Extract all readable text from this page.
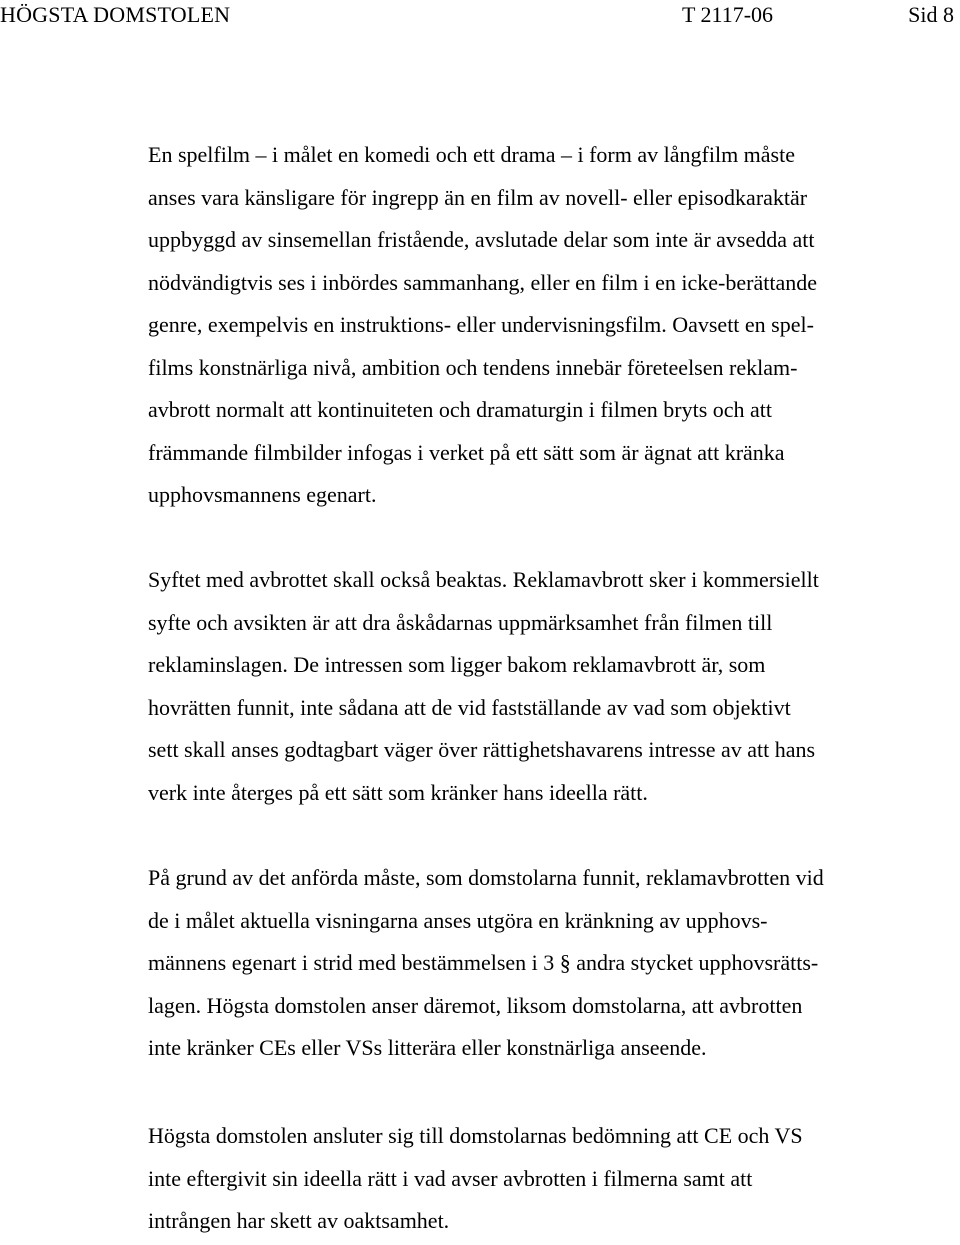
HÖGSTA DOMSTOLEN	T 2117-06	Sid 8

En spelfilm – i målet en komedi och ett drama – i form av långfilm måste
anses vara känsligare för ingrepp än en film av novell- eller episodkaraktär
uppbyggd av sinsemellan fristående, avslutade delar som inte är avsedda att
nödvändigtvis ses i inbördes sammanhang, eller en film i en icke-berättande
genre, exempelvis en instruktions- eller undervisningsfilm. Oavsett en spel-
films konstnärliga nivå, ambition och tendens innebär företeelsen reklam-
avbrott normalt att kontinuiteten och dramaturgin i filmen bryts och att
främmande filmbilder infogas i verket på ett sätt som är ägnat att kränka
upphovsmannens egenart.

Syftet med avbrottet skall också beaktas. Reklamavbrott sker i kommersiellt
syfte och avsikten är att dra åskådarnas uppmärksamhet från filmen till
reklaminslagen. De intressen som ligger bakom reklamavbrott är, som
hovrätten funnit, inte sådana att de vid fastställande av vad som objektivt
sett skall anses godtagbart väger över rättighetshavarens intresse av att hans
verk inte återges på ett sätt som kränker hans ideella rätt.

På grund av det anförda måste, som domstolarna funnit, reklamavbrotten vid
de i målet aktuella visningarna anses utgöra en kränkning av upphovs-
männens egenart i strid med bestämmelsen i 3 § andra stycket upphovsrätts-
lagen. Högsta domstolen anser däremot, liksom domstolarna, att avbrotten
inte kränker CEs eller VSs litterära eller konstnärliga anseende.

Högsta domstolen ansluter sig till domstolarnas bedömning att CE och VS
inte eftergivit sin ideella rätt i vad avser avbrotten i filmerna samt att
intrången har skett av oaktsamhet.
